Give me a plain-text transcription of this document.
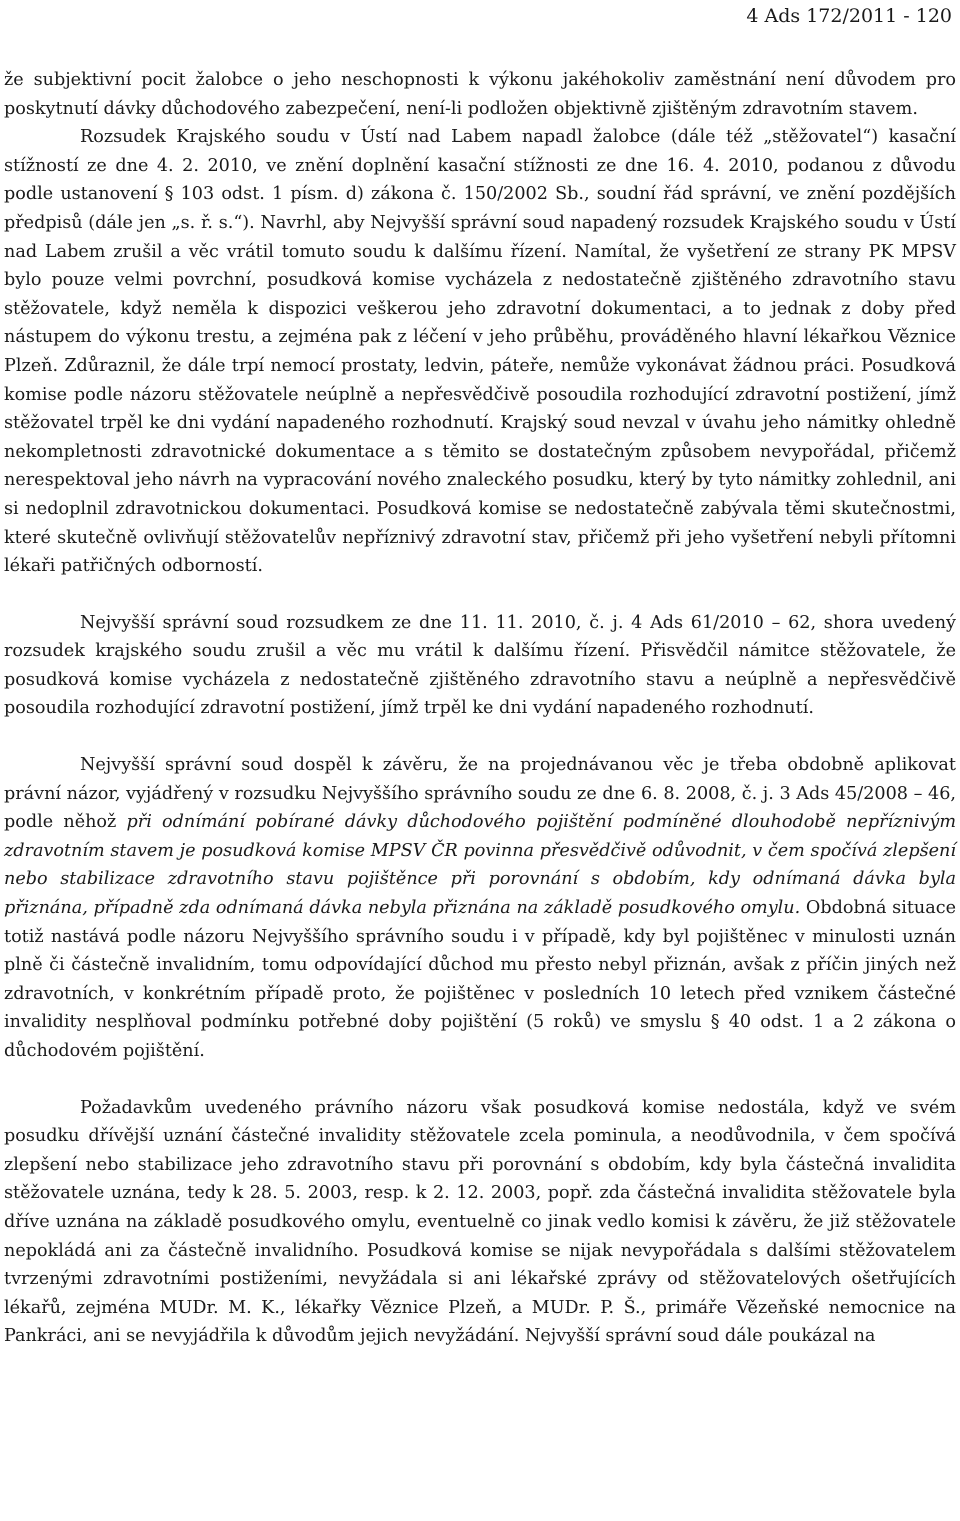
4 Ads 172/2011 - 120

že subjektivní pocit žalobce o jeho neschopnosti k výkonu jakéhokoliv zaměstnání není důvodem pro poskytnutí dávky důchodového zabezpečení, není-li podložen objektivně zjištěným zdravotním stavem.

Rozsudek Krajského soudu v Ústí nad Labem napadl žalobce (dále též „stěžovatel“) kasační stížností ze dne 4. 2. 2010, ve znění doplnění kasační stížnosti ze dne 16. 4. 2010, podanou z důvodu podle ustanovení § 103 odst. 1 písm. d) zákona č. 150/2002 Sb., soudní řád správní, ve znění pozdějších předpisů (dále jen „s. ř. s.“). Navrhl, aby Nejvyšší správní soud napadený rozsudek Krajského soudu v Ústí nad Labem zrušil a věc vrátil tomuto soudu k dalšímu řízení. Namítal, že vyšetření ze strany PK MPSV bylo pouze velmi povrchní, posudková komise vycházela z nedostatečně zjištěného zdravotního stavu stěžovatele, když neměla k dispozici veškerou jeho zdravotní dokumentaci, a to jednak z doby před nástupem do výkonu trestu, a zejména pak z léčení v jeho průběhu, prováděného hlavní lékařkou Věznice Plzeň. Zdůraznil, že dále trpí nemocí prostaty, ledvin, páteře, nemůže vykonávat žádnou práci. Posudková komise podle názoru stěžovatele neúplně a nepřesvědčivě posoudila rozhodující zdravotní postižení, jímž stěžovatel trpěl ke dni vydání napadeného rozhodnutí. Krajský soud nevzal v úvahu jeho námitky ohledně nekompletnosti zdravotnické dokumentace a s těmito se dostatečným způsobem nevypořádal, přičemž nerespektoval jeho návrh na vypracování nového znaleckého posudku, který by tyto námitky zohlednil, ani si nedoplnil zdravotnickou dokumentaci. Posudková komise se nedostatečně zabývala těmi skutečnostmi, které skutečně ovlivňují stěžovatelův nepříznivý zdravotní stav, přičemž při jeho vyšetření nebyli přítomni lékaři patřičných odborností.

Nejvyšší správní soud rozsudkem ze dne 11. 11. 2010, č. j. 4 Ads 61/2010 – 62, shora uvedený rozsudek krajského soudu zrušil a věc mu vrátil k dalšímu řízení. Přisvědčil námitce stěžovatele, že posudková komise vycházela z nedostatečně zjištěného zdravotního stavu a neúplně a nepřesvědčivě posoudila rozhodující zdravotní postižení, jímž trpěl ke dni vydání napadeného rozhodnutí.

Nejvyšší správní soud dospěl k závěru, že na projednávanou věc je třeba obdobně aplikovat právní názor, vyjádřený v rozsudku Nejvyššího správního soudu ze dne 6. 8. 2008, č. j. 3 Ads 45/2008 – 46, podle něhož při odnímání pobírané dávky důchodového pojištění podmíněné dlouhodobě nepříznivým zdravotním stavem je posudková komise MPSV ČR povinna přesvědčivě odůvodnit, v čem spočívá zlepšení nebo stabilizace zdravotního stavu pojištěnce při porovnání s obdobím, kdy odnímaná dávka byla přiznána, případně zda odnímaná dávka nebyla přiznána na základě posudkového omylu. Obdobná situace totiž nastává podle názoru Nejvyššího správního soudu i v případě, kdy byl pojištěnec v minulosti uznán plně či částečně invalidním, tomu odpovídající důchod mu přesto nebyl přiznán, avšak z příčin jiných než zdravotních, v konkrétním případě proto, že pojištěnec v posledních 10 letech před vznikem částečné invalidity nesplňoval podmínku potřebné doby pojištění (5 roků) ve smyslu § 40 odst. 1 a 2 zákona o důchodovém pojištění.

Požadavkům uvedeného právního názoru však posudková komise nedostála, když ve svém posudku dřívější uznání částečné invalidity stěžovatele zcela pominula, a neodůvodnila, v čem spočívá zlepšení nebo stabilizace jeho zdravotního stavu při porovnání s obdobím, kdy byla částečná invalidita stěžovatele uznána, tedy k 28. 5. 2003, resp. k 2. 12. 2003, popř. zda částečná invalidita stěžovatele byla dříve uznána na základě posudkového omylu, eventuelně co jinak vedlo komisi k závěru, že již stěžovatele nepokládá ani za částečně invalidního. Posudková komise se nijak nevypořádala s dalšími stěžovatelem tvrzenými zdravotními postiženími, nevyžádala si ani lékařské zprávy od stěžovatelových ošetřujících lékařů, zejména MUDr. M. K., lékařky Věznice Plzeň, a MUDr. P. Š., primáře Vězeňské nemocnice na Pankráci, ani se nevyjádřila k důvodům jejich nevyžádání. Nejvyšší správní soud dále poukázal na
